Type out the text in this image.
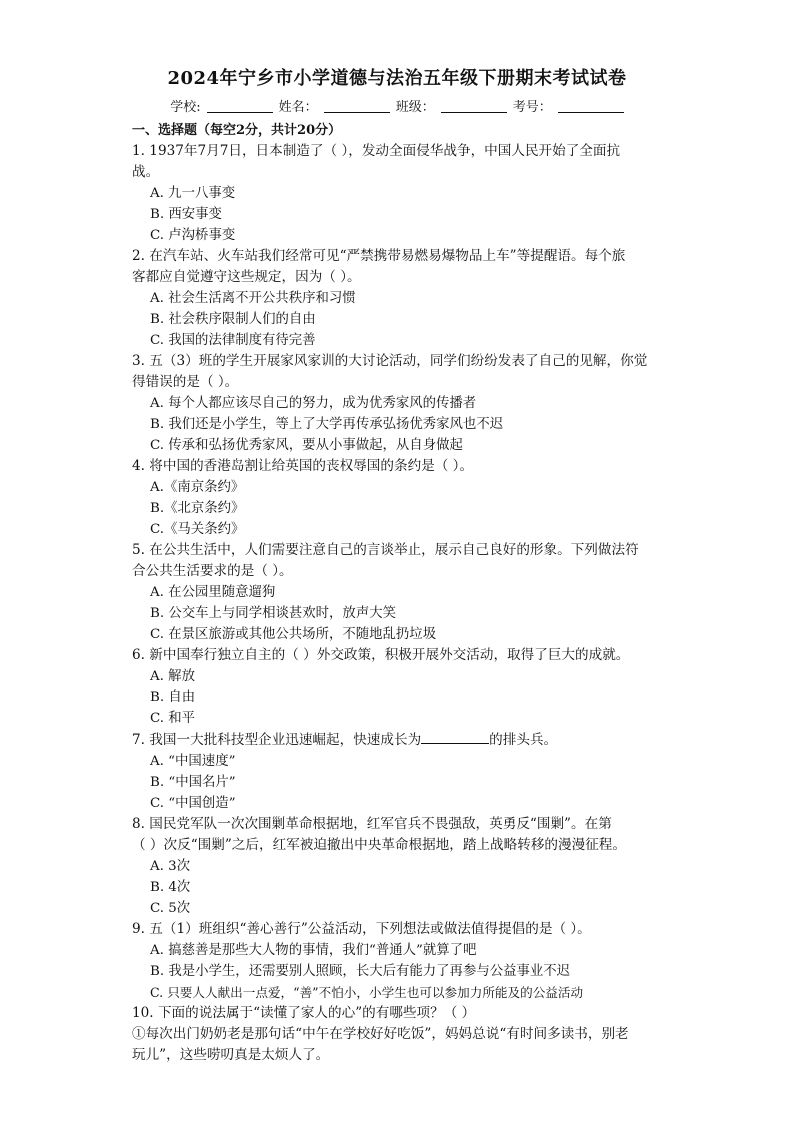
2024年宁乡市小学道德与法治五年级下册期末考试试卷
学校:	姓名：	班级：	考号：
一、选择题（每空2分，共计20分）
1. 1937年7月7日，日本制造了（ ），发动全面侵华战争，中国人民开始了全面抗
战。
A. 九一八事变
B. 西安事变
C. 卢沟桥事变
2. 在汽车站、火车站我们经常可见“严禁携带易燃易爆物品上车”等提醒语。每个旅
客都应自觉遵守这些规定，因为（ ）。
A. 社会生活离不开公共秩序和习惯
B. 社会秩序限制人们的自由
C. 我国的法律制度有待完善
3. 五（3）班的学生开展家风家训的大讨论活动，同学们纷纷发表了自己的见解，你觉
得错误的是（ ）。
A. 每个人都应该尽自己的努力，成为优秀家风的传播者
B. 我们还是小学生，等上了大学再传承弘扬优秀家风也不迟
C. 传承和弘扬优秀家风，要从小事做起，从自身做起
4. 将中国的香港岛割让给英国的丧权辱国的条约是（ ）。
A.《南京条约》
B.《北京条约》
C.《马关条约》
5. 在公共生活中，人们需要注意自己的言谈举止，展示自己良好的形象。下列做法符
合公共生活要求的是（ ）。
A. 在公园里随意遛狗
B. 公交车上与同学相谈甚欢时，放声大笑
C. 在景区旅游或其他公共场所，不随地乱扔垃圾
6. 新中国奉行独立自主的（ ）外交政策，积极开展外交活动，取得了巨大的成就。
A. 解放
B. 自由
C. 和平
7. 我国一大批科技型企业迅速崛起，快速成长为	的排头兵。
A. “中国速度”
B. “中国名片”
C. “中国创造”
8. 国民党军队一次次围剿革命根据地，红军官兵不畏强敌，英勇反“围剿”。在第
（ ）次反“围剿”之后，红军被迫撤出中央革命根据地，踏上战略转移的漫漫征程。
A. 3次
B. 4次
C. 5次
9. 五（1）班组织“善心善行”公益活动，下列想法或做法值得提倡的是（ ）。
A. 搞慈善是那些大人物的事情，我们“普通人”就算了吧
B. 我是小学生，还需要别人照顾，长大后有能力了再参与公益事业不迟
C. 只要人人献出一点爱，“善”不怕小，小学生也可以参加力所能及的公益活动
10. 下面的说法属于“读懂了家人的心”的有哪些项？（ ）
①每次出门奶奶老是那句话“中午在学校好好吃饭”，妈妈总说“有时间多读书，别老
玩儿”，这些唠叨真是太烦人了。
